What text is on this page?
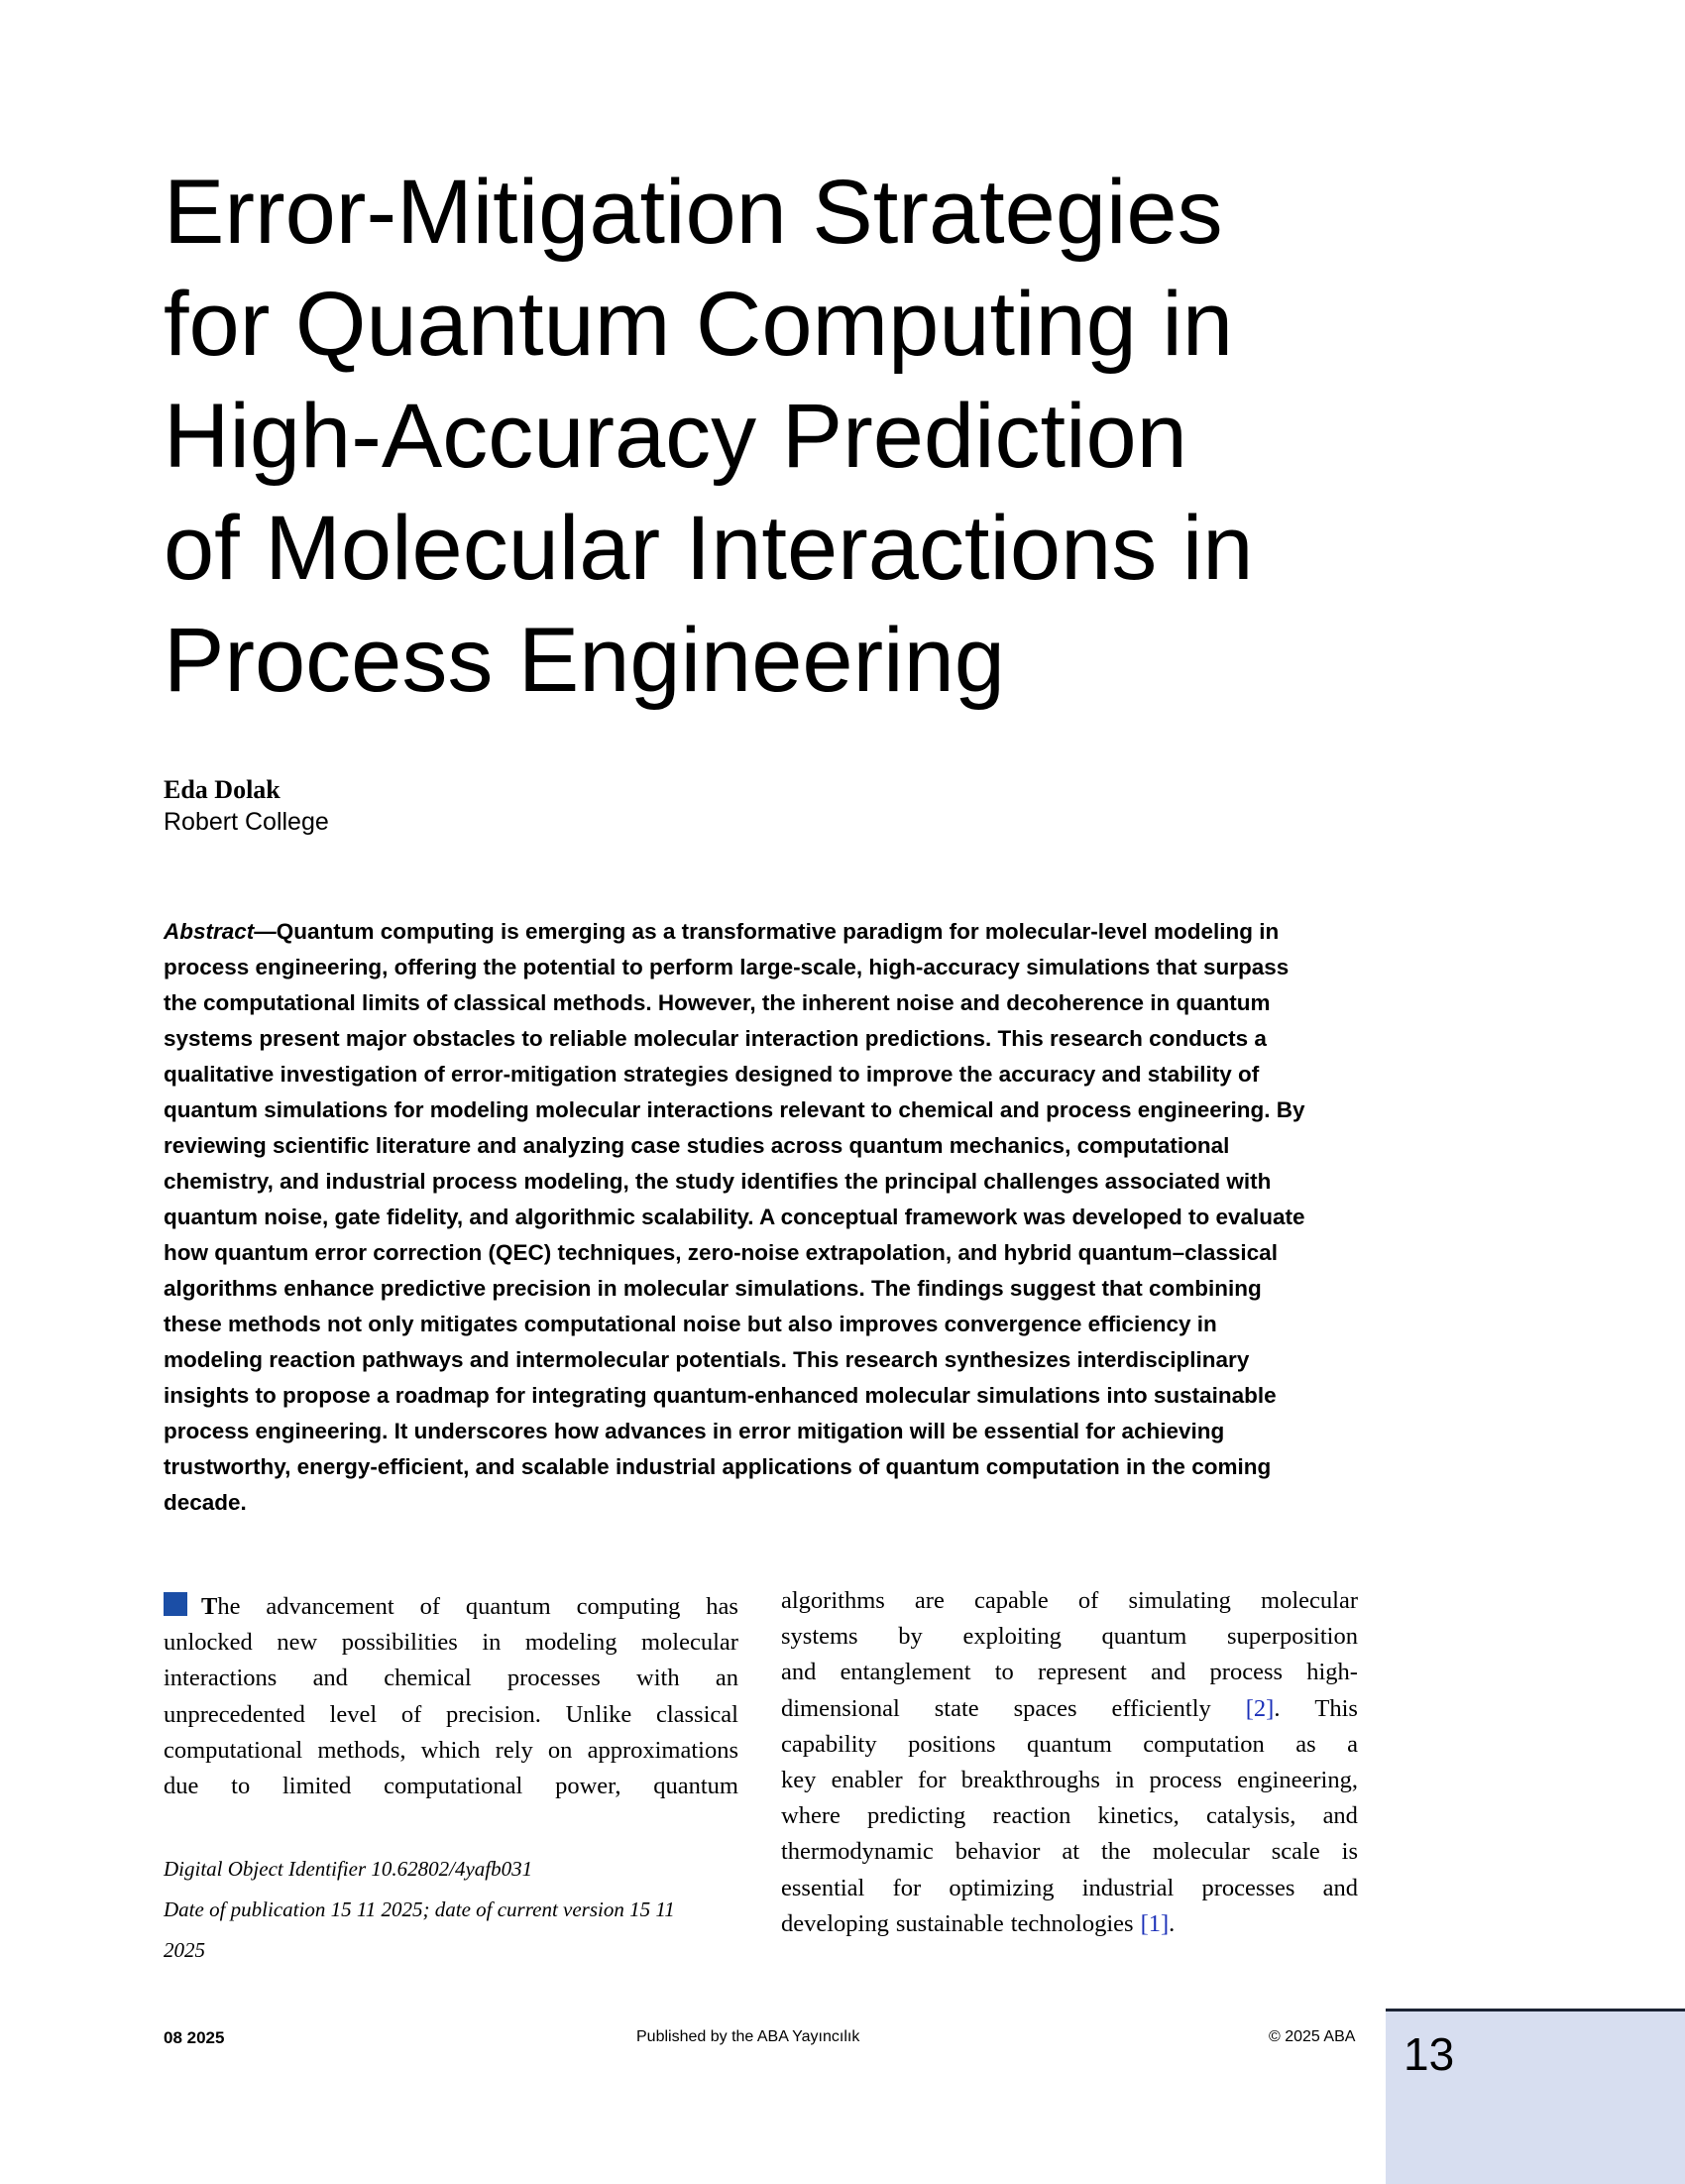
Error-Mitigation Strategies
for Quantum Computing in
High-Accuracy Prediction
of Molecular Interactions in
Process Engineering
Eda Dolak
Robert College
Abstract—Quantum computing is emerging as a transformative paradigm for molecular-level modeling in
process engineering, offering the potential to perform large-scale, high-accuracy simulations that surpass
the computational limits of classical methods. However, the inherent noise and decoherence in quantum
systems present major obstacles to reliable molecular interaction predictions. This research conducts a
qualitative investigation of error-mitigation strategies designed to improve the accuracy and stability of
quantum simulations for modeling molecular interactions relevant to chemical and process engineering. By
reviewing scientific literature and analyzing case studies across quantum mechanics, computational
chemistry, and industrial process modeling, the study identifies the principal challenges associated with
quantum noise, gate fidelity, and algorithmic scalability. A conceptual framework was developed to evaluate
how quantum error correction (QEC) techniques, zero-noise extrapolation, and hybrid quantum–classical
algorithms enhance predictive precision in molecular simulations. The findings suggest that combining
these methods not only mitigates computational noise but also improves convergence efficiency in
modeling reaction pathways and intermolecular potentials. This research synthesizes interdisciplinary
insights to propose a roadmap for integrating quantum-enhanced molecular simulations into sustainable
process engineering. It underscores how advances in error mitigation will be essential for achieving
trustworthy, energy-efficient, and scalable industrial applications of quantum computation in the coming
decade.
The advancement of quantum computing has
unlocked new possibilities in modeling molecular
interactions and chemical processes with an
unprecedented level of precision. Unlike classical
computational methods, which rely on approximations
due to limited computational power, quantum
Digital Object Identifier 10.62802/4yafb031
Date of publication 15 11 2025; date of current version 15 11
2025
algorithms are capable of simulating molecular
systems by exploiting quantum superposition
and entanglement to represent and process high-
dimensional state spaces efficiently [2]. This
capability positions quantum computation as a
key enabler for breakthroughs in process engineering,
where predicting reaction kinetics, catalysis, and
thermodynamic behavior at the molecular scale is
essential for optimizing industrial processes and
developing sustainable technologies [1].
08 2025	Published by the ABA Yayıncılık	© 2025 ABA 13
